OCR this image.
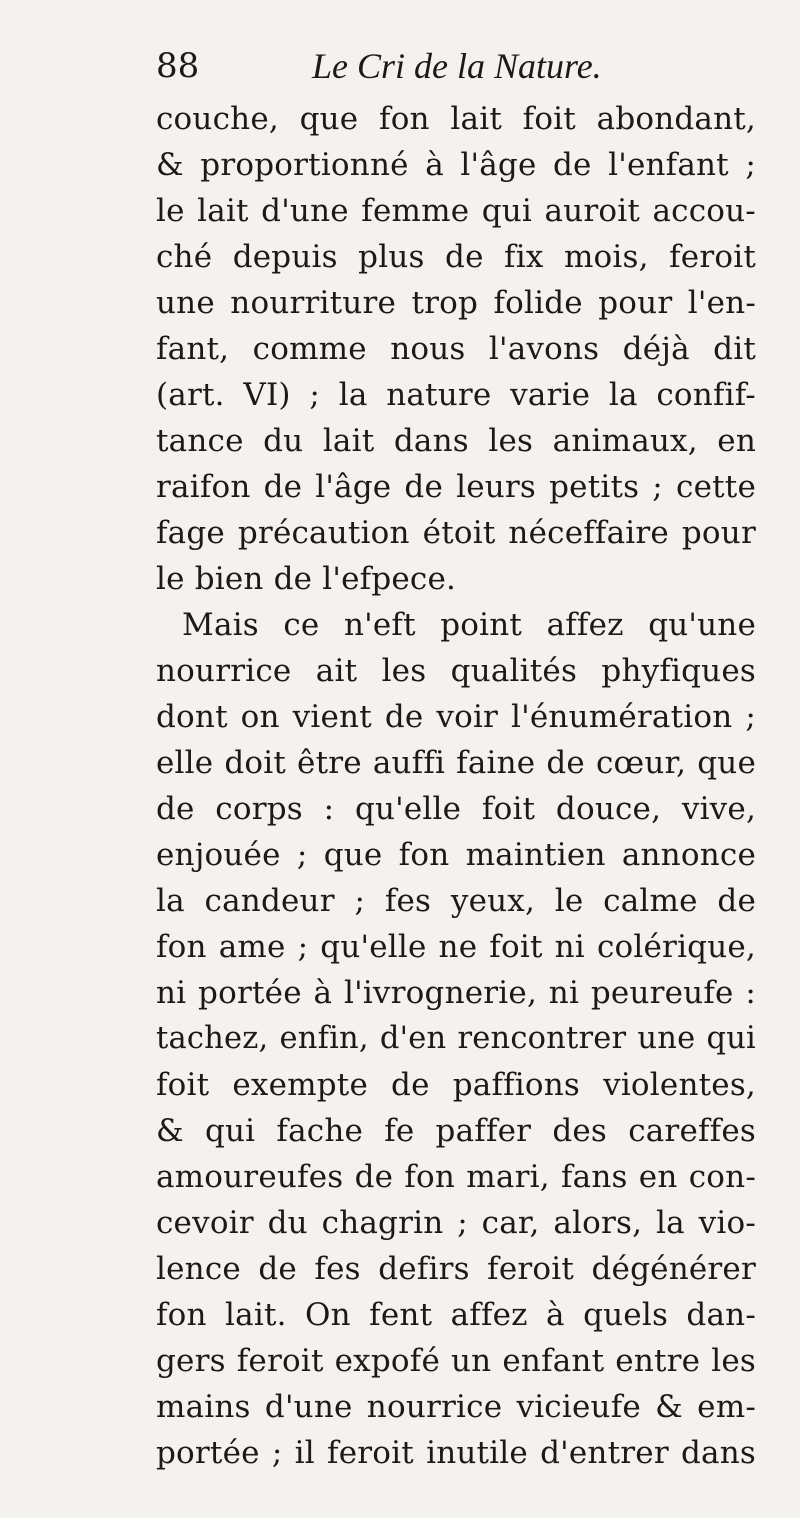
88	Le Cri de la Nature.
couche, que fon lait foit abondant,
& proportionné à l'âge de l'enfant ;
le lait d'une femme qui auroit accou-
ché depuis plus de fix mois, feroit
une nourriture trop folide pour l'en-
fant, comme nous l'avons déjà dit
(art. VI) ; la nature varie la confif-
tance du lait dans les animaux, en
raifon de l'âge de leurs petits ; cette
fage précaution étoit néceffaire pour
le bien de l'efpece.
Mais ce n'eft point affez qu'une
nourrice ait les qualités phyfiques
dont on vient de voir l'énumération ;
elle doit être auffi faine de cœur, que
de corps : qu'elle foit douce, vive,
enjouée ; que fon maintien annonce
la candeur ; fes yeux, le calme de
fon ame ; qu'elle ne foit ni colérique,
ni portée à l'ivrognerie, ni peureufe :
tachez, enfin, d'en rencontrer une qui
foit exempte de paffions violentes,
& qui fache fe paffer des careffes
amoureufes de fon mari, fans en con-
cevoir du chagrin ; car, alors, la vio-
lence de fes defirs feroit dégénérer
fon lait. On fent affez à quels dan-
gers feroit expofé un enfant entre les
mains d'une nourrice vicieufe & em-
portée ; il feroit inutile d'entrer dans
